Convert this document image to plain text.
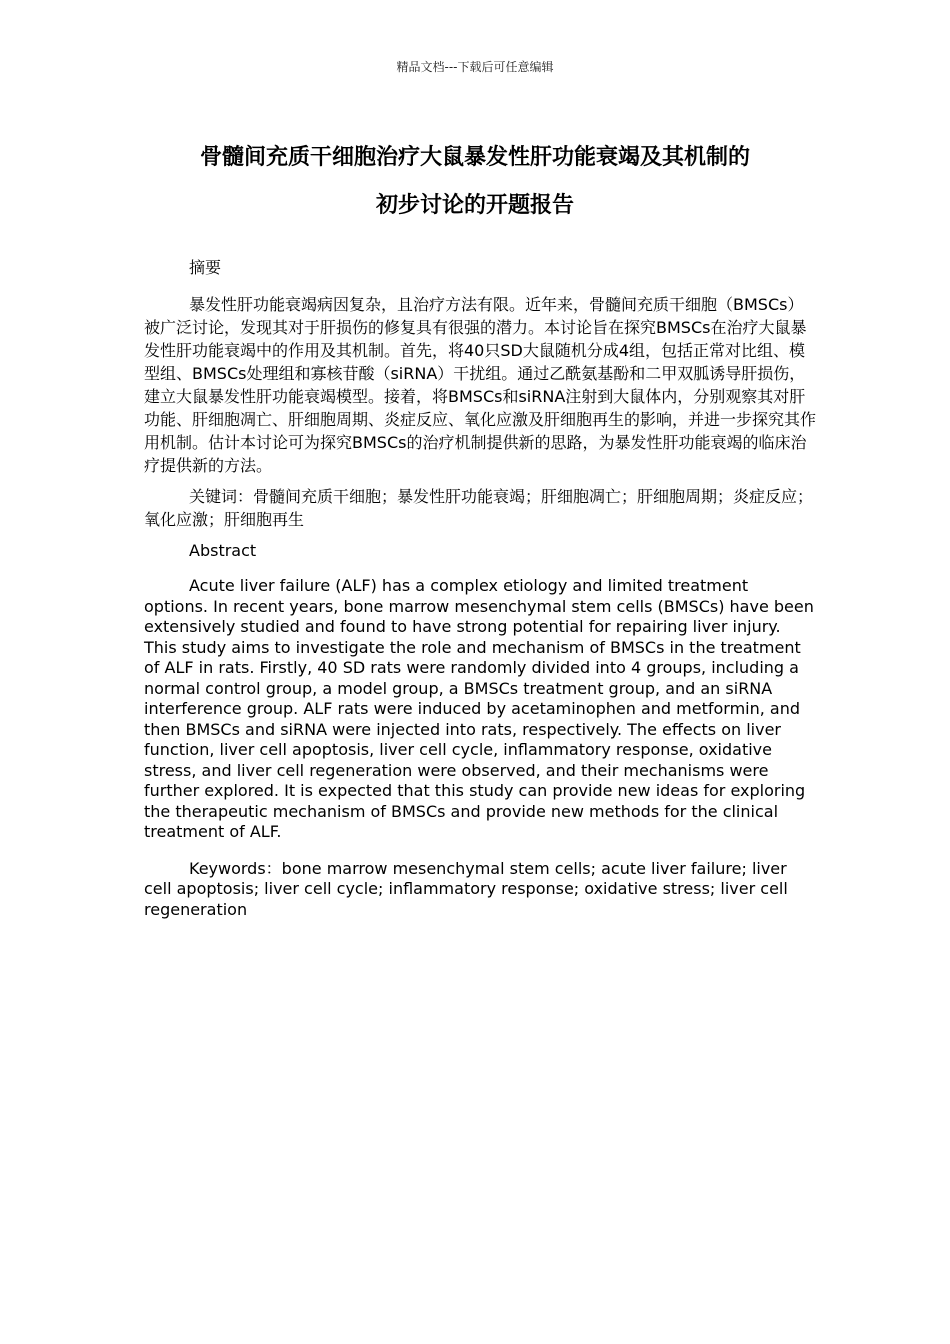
精品文档---下载后可任意编辑
骨髓间充质干细胞治疗大鼠暴发性肝功能衰竭及其机制的
初步讨论的开题报告

摘要

暴发性肝功能衰竭病因复杂，且治疗方法有限。近年来，骨髓间充质干细胞（BMSCs）被广泛讨论，发现其对于肝损伤的修复具有很强的潜力。本讨论旨在探究BMSCs在治疗大鼠暴发性肝功能衰竭中的作用及其机制。首先，将40只SD大鼠随机分成4组，包括正常对比组、模型组、BMSCs处理组和寡核苷酸（siRNA）干扰组。通过乙酰氨基酚和二甲双胍诱导肝损伤，建立大鼠暴发性肝功能衰竭模型。接着，将BMSCs和siRNA注射到大鼠体内，分别观察其对肝功能、肝细胞凋亡、肝细胞周期、炎症反应、氧化应激及肝细胞再生的影响，并进一步探究其作用机制。估计本讨论可为探究BMSCs的治疗机制提供新的思路，为暴发性肝功能衰竭的临床治疗提供新的方法。

关键词：骨髓间充质干细胞；暴发性肝功能衰竭；肝细胞凋亡；肝细胞周期；炎症反应；氧化应激；肝细胞再生

Abstract

Acute liver failure (ALF) has a complex etiology and limited treatment options. In recent years, bone marrow mesenchymal stem cells (BMSCs) have been extensively studied and found to have strong potential for repairing liver injury. This study aims to investigate the role and mechanism of BMSCs in the treatment of ALF in rats. Firstly, 40 SD rats were randomly divided into 4 groups, including a normal control group, a model group, a BMSCs treatment group, and an siRNA interference group. ALF rats were induced by acetaminophen and metformin, and then BMSCs and siRNA were injected into rats, respectively. The effects on liver function, liver cell apoptosis, liver cell cycle, inflammatory response, oxidative stress, and liver cell regeneration were observed, and their mechanisms were further explored. It is expected that this study can provide new ideas for exploring the therapeutic mechanism of BMSCs and provide new methods for the clinical treatment of ALF.

Keywords：bone marrow mesenchymal stem cells; acute liver failure; liver cell apoptosis; liver cell cycle; inflammatory response; oxidative stress; liver cell regeneration
